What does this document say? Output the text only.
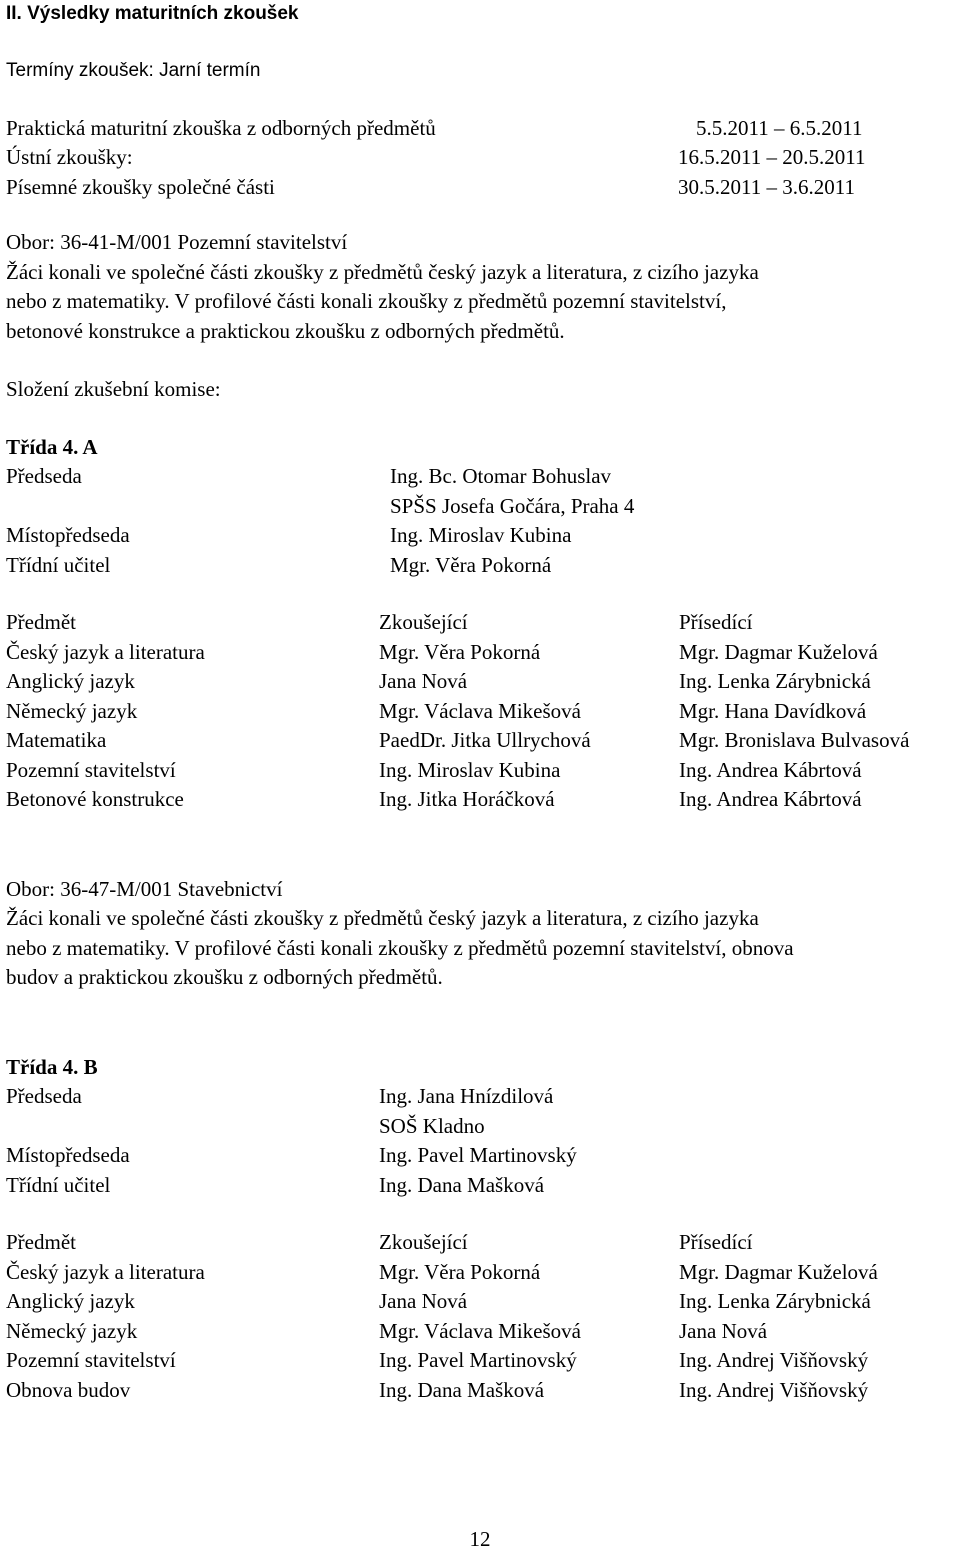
II. Výsledky maturitních zkoušek
Termíny zkoušek: Jarní termín
Praktická maturitní zkouška z odborných předmětů	5.5.2011 – 6.5.2011
Ústní zkoušky:	16.5.2011 – 20.5.2011
Písemné zkoušky společné části	30.5.2011 – 3.6.2011
Obor: 36-41-M/001 Pozemní stavitelství
Žáci konali ve společné části zkoušky z předmětů český jazyk a literatura, z cizího jazyka
nebo z matematiky. V profilové části konali zkoušky z předmětů pozemní stavitelství,
betonové konstrukce a praktickou zkoušku z odborných předmětů.
Složení zkušební komise:
Třída 4. A
Předseda	Ing. Bc. Otomar Bohuslav
SPŠS Josefa Gočára, Praha 4
Místopředseda	Ing. Miroslav Kubina
Třídní učitel	Mgr. Věra Pokorná
Předmět	Zkoušející	Přísedící
Český jazyk a literatura	Mgr. Věra Pokorná	Mgr. Dagmar Kuželová
Anglický jazyk	Jana Nová	Ing. Lenka Zárybnická
Německý jazyk	Mgr. Václava Mikešová	Mgr. Hana Davídková
Matematika	PaedDr. Jitka Ullrychová	Mgr. Bronislava Bulvasová
Pozemní stavitelství	Ing. Miroslav Kubina	Ing. Andrea Kábrtová
Betonové konstrukce	Ing. Jitka Horáčková	Ing. Andrea Kábrtová
Obor: 36-47-M/001 Stavebnictví
Žáci konali ve společné části zkoušky z předmětů český jazyk a literatura, z cizího jazyka
nebo z matematiky. V profilové části konali zkoušky z předmětů pozemní stavitelství, obnova
budov a praktickou zkoušku z odborných předmětů.
Třída 4. B
Předseda	Ing. Jana Hnízdilová
SOŠ Kladno
Místopředseda	Ing. Pavel Martinovský
Třídní učitel	Ing. Dana Mašková
Předmět	Zkoušející	Přísedící
Český jazyk a literatura	Mgr. Věra Pokorná	Mgr. Dagmar Kuželová
Anglický jazyk	Jana Nová	Ing. Lenka Zárybnická
Německý jazyk	Mgr. Václava Mikešová	Jana Nová
Pozemní stavitelství	Ing. Pavel Martinovský	Ing. Andrej Višňovský
Obnova budov	Ing. Dana Mašková	Ing. Andrej Višňovský
12
